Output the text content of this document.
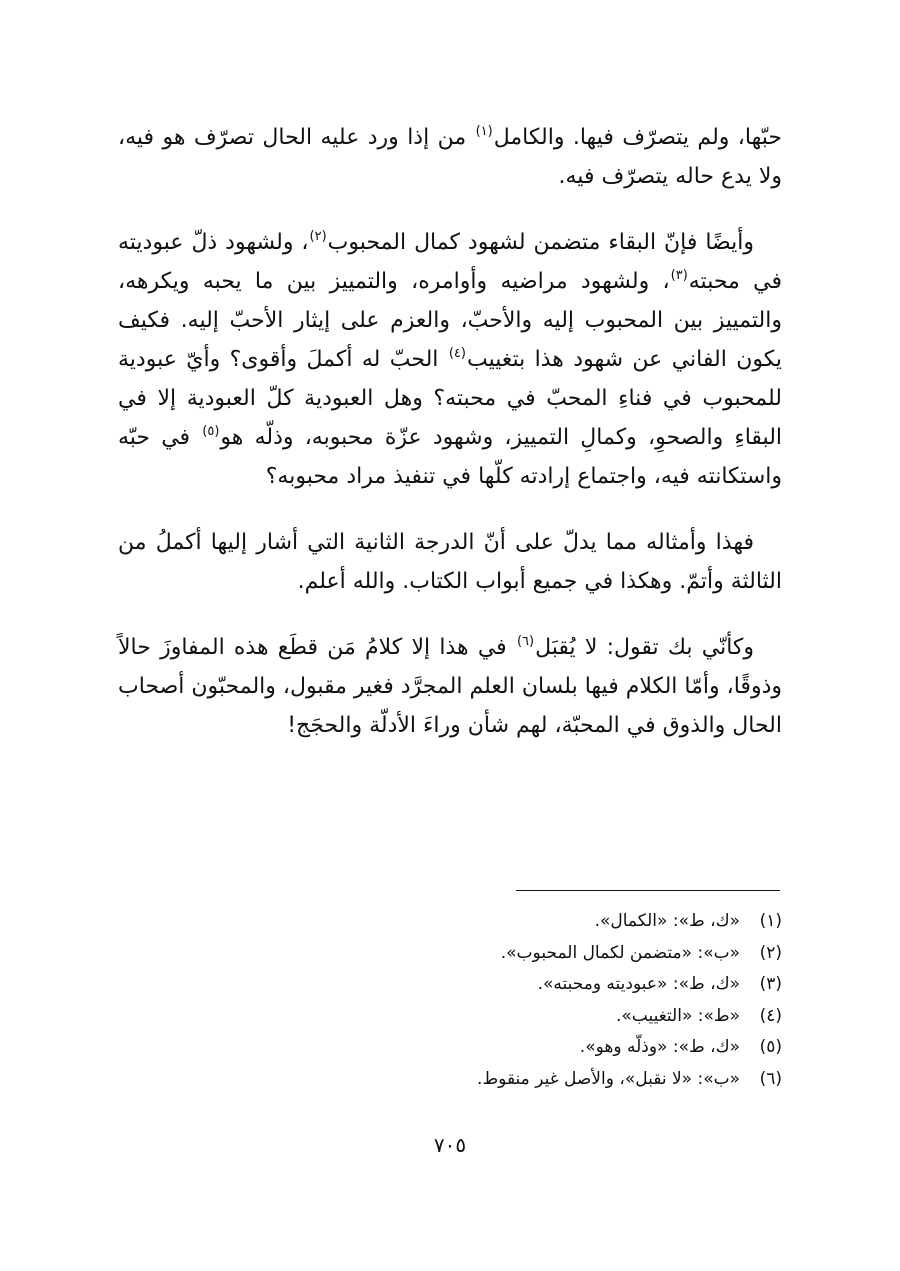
حبّها، ولم يتصرّف فيها. والكامل$^{(١)}$ من إذا ورد عليه الحال تصرّف هو فيه، ولا يدع حاله يتصرّف فيه.

وأيضًا فإنّ البقاء متضمن لشهود كمال المحبوب$^{(٢)}$، ولشهود ذلّ عبوديته في محبته$^{(٣)}$، ولشهود مراضيه وأوامره، والتمييز بين ما يحبه ويكرهه، والتمييز بين المحبوب إليه والأحبّ، والعزم على إيثار الأحبّ إليه. فكيف يكون الفاني عن شهود هذا بتغييب$^{(٤)}$ الحبّ له أكملَ وأقوى؟ وأيّ عبودية للمحبوب في فناءِ المحبّ في محبته؟ وهل العبودية كلّ العبودية إلا في البقاءِ والصحوِ، وكمالِ التمييز، وشهود عزّة محبوبه، وذلّه هو$^{(٥)}$ في حبّه واستكانته فيه، واجتماع إرادته كلّها في تنفيذ مراد محبوبه؟

فهذا وأمثاله مما يدلّ على أنّ الدرجة الثانية التي أشار إليها أكملُ من الثالثة وأتمّ. وهكذا في جميع أبواب الكتاب. والله أعلم.

وكأنّي بك تقول: لا يُقبَل$^{(٦)}$ في هذا إلا كلامُ مَن قطَع هذه المفاوزَ حالاً وذوقًا، وأمّا الكلام فيها بلسان العلم المجرَّد فغير مقبول، والمحبّون أصحاب الحال والذوق في المحبّة، لهم شأن وراءَ الأدلّة والحجَج!

(١)«ك، ط»: «الكمال».
(٢)«ب»: «متضمن لكمال المحبوب».
(٣)«ك، ط»: «عبوديته ومحبته».
(٤)«ط»: «التغييب».
(٥)«ك، ط»: «وذلّه وهو».
(٦)«ب»: «لا نقبل»، والأصل غير منقوط.
٧٠٥
